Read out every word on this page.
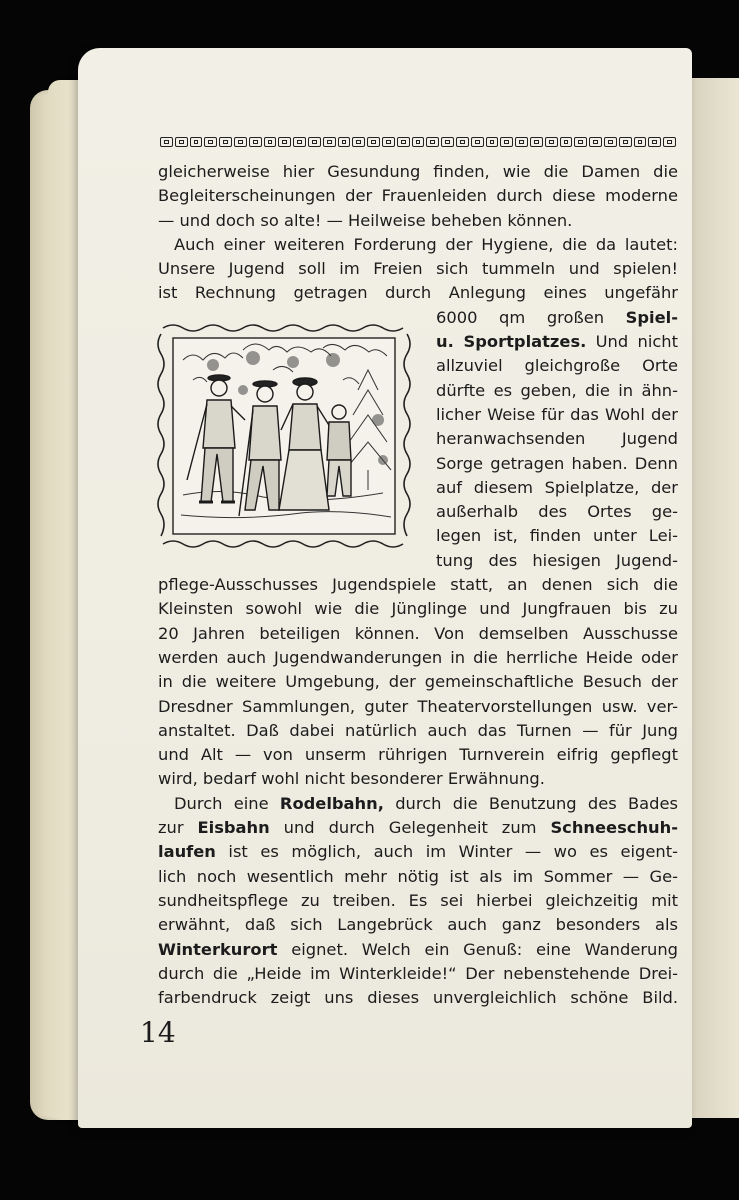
gleicherweise hier Gesundung finden, wie die Damen die
Begleiterscheinungen der Frauenleiden durch diese moderne
— und doch so alte! — Heilweise beheben können.
Auch einer weiteren Forderung der Hygiene, die da lautet:
Unsere Jugend soll im Freien sich tummeln und spielen!
ist Rechnung getragen durch Anlegung eines ungefähr
6000 qm großen Spiel-
u. Sportplatzes. Und nicht
allzuviel gleichgroße Orte
dürfte es geben, die in ähn-
licher Weise für das Wohl der
heranwachsenden Jugend
Sorge getragen haben. Denn
auf diesem Spielplatze, der
außerhalb des Ortes ge-
legen ist, finden unter Lei-
tung des hiesigen Jugend-
pflege-Ausschusses Jugendspiele statt, an denen sich die
Kleinsten sowohl wie die Jünglinge und Jungfrauen bis zu
20 Jahren beteiligen können. Von demselben Ausschusse
werden auch Jugendwanderungen in die herrliche Heide oder
in die weitere Umgebung, der gemeinschaftliche Besuch der
Dresdner Sammlungen, guter Theatervorstellungen usw. ver-
anstaltet. Daß dabei natürlich auch das Turnen — für Jung
und Alt — von unserm rührigen Turnverein eifrig gepflegt
wird, bedarf wohl nicht besonderer Erwähnung.
Durch eine Rodelbahn, durch die Benutzung des Bades
zur Eisbahn und durch Gelegenheit zum Schneeschuh-
laufen ist es möglich, auch im Winter — wo es eigent-
lich noch wesentlich mehr nötig ist als im Sommer — Ge-
sundheitspflege zu treiben. Es sei hierbei gleichzeitig mit
erwähnt, daß sich Langebrück auch ganz besonders als
Winterkurort eignet. Welch ein Genuß: eine Wanderung
durch die „Heide im Winterkleide!“ Der nebenstehende Drei-
farbendruck zeigt uns dieses unvergleichlich schöne Bild.
14
